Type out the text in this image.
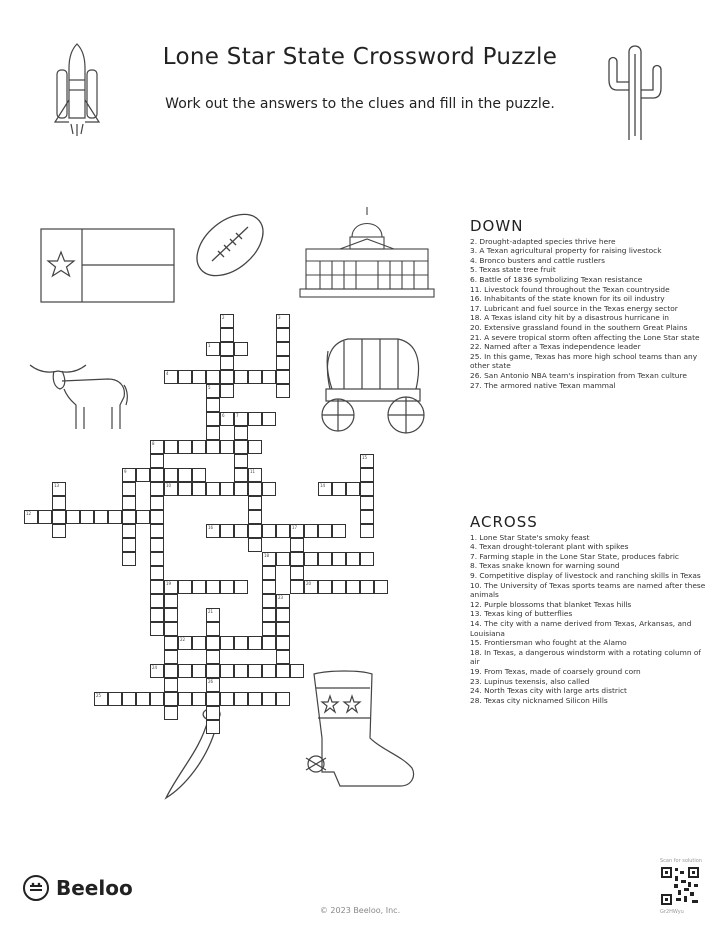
Lone Star State Crossword Puzzle
Work out the answers to the clues and fill in the puzzle.
1
2	3
4
5
6	7
8
9
10
11
12
13	14
15
16	17
18
19	20
21
22
23
24
25
26
DOWN
2. Drought-adapted species thrive here
3. A Texan agricultural property for raising livestock
4. Bronco busters and cattle rustlers
5. Texas state tree fruit
6. Battle of 1836 symbolizing Texan resistance
11. Livestock found throughout the Texan countryside
16. Inhabitants of the state known for its oil industry
17. Lubricant and fuel source in the Texas energy sector
18. A Texas island city hit by a disastrous hurricane in
20. Extensive grassland found in the southern Great Plains
21. A severe tropical storm often affecting the Lone Star state
22. Named after a Texas independence leader
25. In this game, Texas has more high school teams than any other state
26. San Antonio NBA team's inspiration from Texan culture
27. The armored native Texan mammal
ACROSS
1. Lone Star State's smoky feast
4. Texan drought-tolerant plant with spikes
7. Farming staple in the Lone Star State, produces fabric
8. Texas snake known for warning sound
9. Competitive display of livestock and ranching skills in Texas
10. The University of Texas sports teams are named after these animals
12. Purple blossoms that blanket Texas hills
13. Texas king of butterflies
14. The city with a name derived from Texas, Arkansas, and Louisiana
15. Frontiersman who fought at the Alamo
18. In Texas, a dangerous windstorm with a rotating column of air
19. From Texas, made of coarsely ground corn
23. Lupinus texensis, also called
24. North Texas city with large arts district
28. Texas city nicknamed Silicon Hills
Beeloo
© 2023 Beeloo, Inc.
Scan for solution
Gr2HWyu
